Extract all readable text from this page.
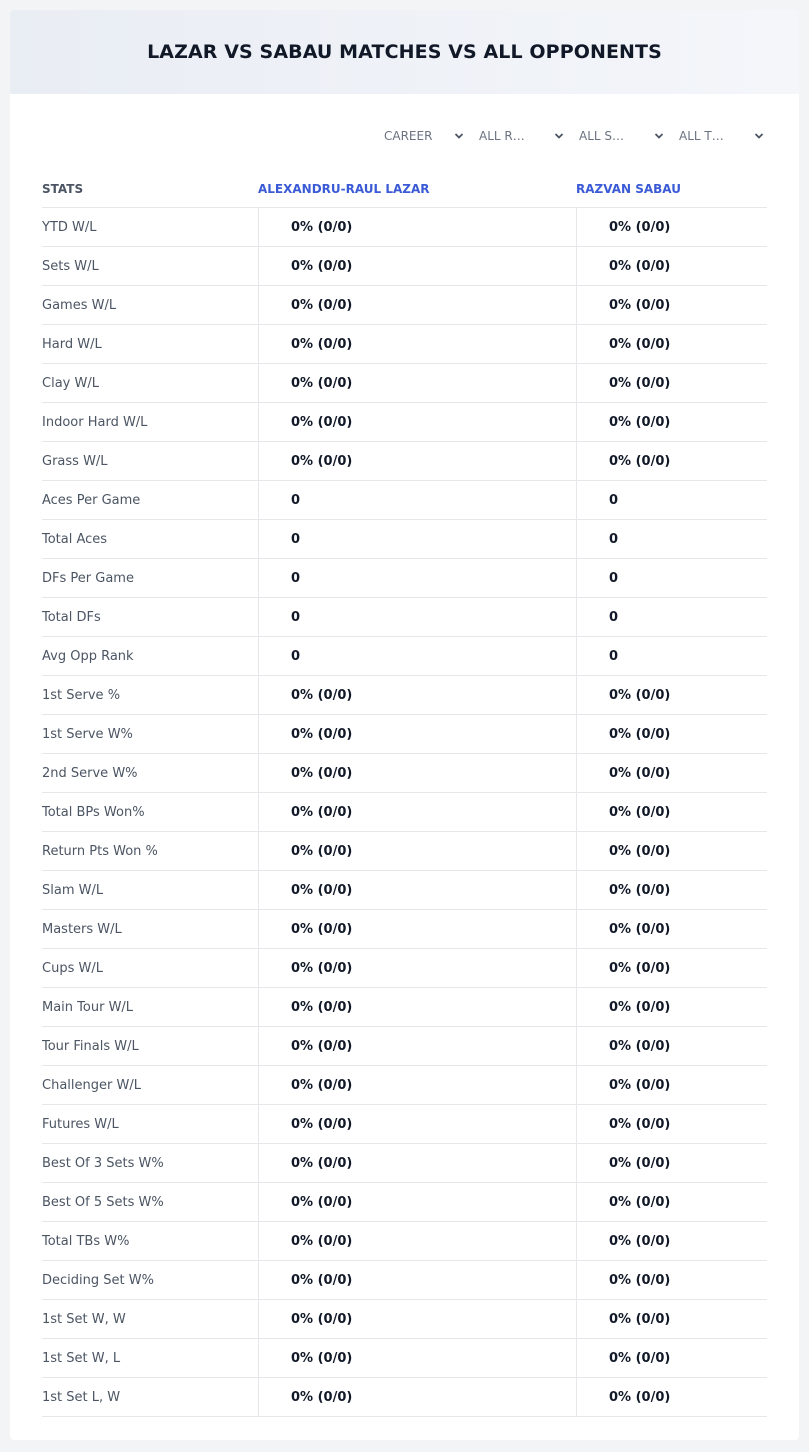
LAZAR VS SABAU MATCHES VS ALL OPPONENTS
CAREER	ALL R…	ALL S…	ALL T…
STATS	ALEXANDRU-RAUL LAZAR	RAZVAN SABAU
YTD W/L	0% (0/0)	0% (0/0)
Sets W/L	0% (0/0)	0% (0/0)
Games W/L	0% (0/0)	0% (0/0)
Hard W/L	0% (0/0)	0% (0/0)
Clay W/L	0% (0/0)	0% (0/0)
Indoor Hard W/L	0% (0/0)	0% (0/0)
Grass W/L	0% (0/0)	0% (0/0)
Aces Per Game	0	0
Total Aces	0	0
DFs Per Game	0	0
Total DFs	0	0
Avg Opp Rank	0	0
1st Serve %	0% (0/0)	0% (0/0)
1st Serve W%	0% (0/0)	0% (0/0)
2nd Serve W%	0% (0/0)	0% (0/0)
Total BPs Won%	0% (0/0)	0% (0/0)
Return Pts Won %	0% (0/0)	0% (0/0)
Slam W/L	0% (0/0)	0% (0/0)
Masters W/L	0% (0/0)	0% (0/0)
Cups W/L	0% (0/0)	0% (0/0)
Main Tour W/L	0% (0/0)	0% (0/0)
Tour Finals W/L	0% (0/0)	0% (0/0)
Challenger W/L	0% (0/0)	0% (0/0)
Futures W/L	0% (0/0)	0% (0/0)
Best Of 3 Sets W%	0% (0/0)	0% (0/0)
Best Of 5 Sets W%	0% (0/0)	0% (0/0)
Total TBs W%	0% (0/0)	0% (0/0)
Deciding Set W%	0% (0/0)	0% (0/0)
1st Set W, W	0% (0/0)	0% (0/0)
1st Set W, L	0% (0/0)	0% (0/0)
1st Set L, W	0% (0/0)	0% (0/0)
